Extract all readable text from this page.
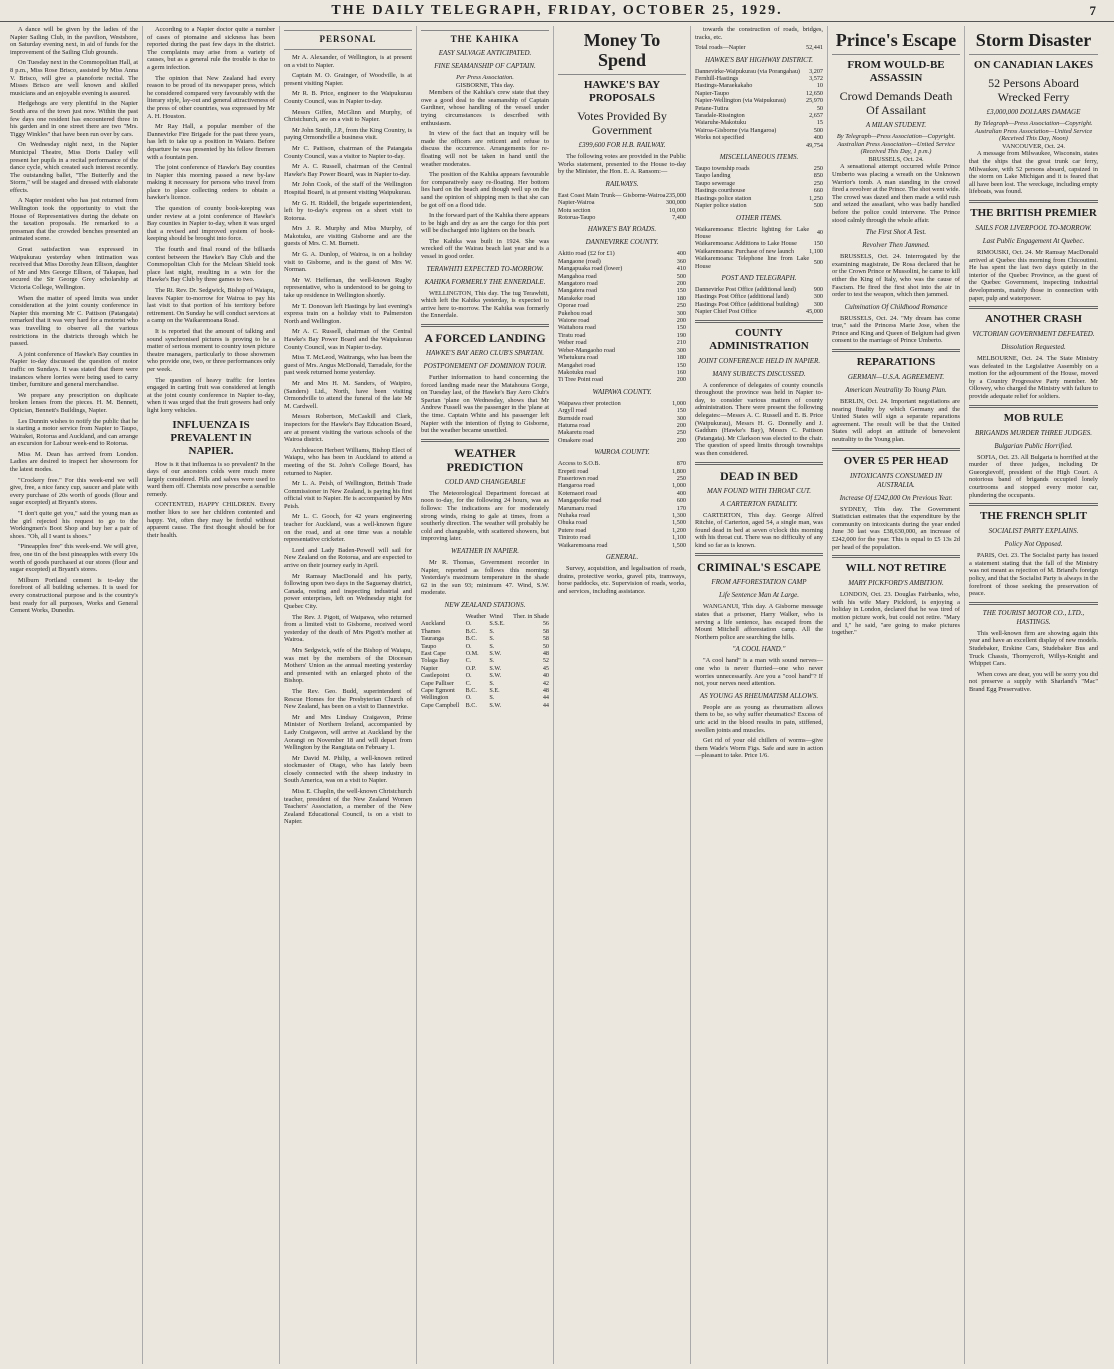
THE DAILY TELEGRAPH, FRIDAY, OCTOBER 25, 1929.	7

A dance will be given by the ladies of the Napier Sailing Club, in the pavilion, Westshore, on Saturday evening next, in aid of funds for the improvement of the Sailing Club grounds.

On Tuesday next in the Commopolitan Hall, at 8 p.m., Miss Rose Brisco, assisted by Miss Anna V. Brisco, will give a pianoforte recital. The Misses Brisco are well known and skilled musicians and an enjoyable evening is assured.

Hedgehogs are very plentiful in the Napier South area of the town just now. Within the past few days one resident has encountered three in his garden and in one street there are two "Mrs. Tiggy Winkles" that have been run over by cars.

On Wednesday night next, in the Napier Municipal Theatre, Miss Doris Dailey will present her pupils in a recital performance of the dance cycle, which created such interest recently. The outstanding ballet, "The Butterfly and the Storm," will be staged and dressed with elaborate effects.

A Napier resident who has just returned from Wellington took the opportunity to visit the House of Representatives during the debate on the taxation proposals. He remarked to a pressman that the crowded benches presented an animated scene.

Great satisfaction was expressed in Waipukurau yesterday when intimation was received that Miss Dorothy Jean Ellison, daughter of Mr and Mrs George Ellison, of Takapau, had secured the Sir George Grey scholarship at Victoria College, Wellington.

When the matter of speed limits was under consideration at the joint county conference in Napier this morning Mr C. Pattison (Patangata) remarked that it was very hard for a motorist who was travelling to observe all the various restrictions in the districts through which he passed.

A joint conference of Hawke's Bay counties in Napier to-day discussed the question of motor traffic on Sundays. It was stated that there were instances where lorries were being used to carry timber, furniture and general merchandise.

We prepare any prescription on duplicate broken lenses from the pieces. H. M. Bennett, Optician, Bennett's Buildings, Napier.

Les Dunnin wishes to notify the public that he is starting a motor service from Napier to Taupo, Wairakei, Rotorua and Auckland, and can arrange an excursion for Labour week-end to Rotorua.

Miss M. Dean has arrived from London. Ladies are desired to inspect her showroom for the latest modes.

"Crockery free." For this week-end we will give, free, a nice fancy cup, saucer and plate with every purchase of 20s worth of goods (flour and sugar excepted) at Bryant's stores.

"I don't quite get you," said the young man as the girl rejected his request to go to the Workingmen's Boot Shop and buy her a pair of shoes. "Oh, all I want is shoes."

"Pineapples free" this week-end. We will give, free, one tin of the best pineapples with every 10s worth of goods purchased at our stores (flour and sugar excepted) at Bryant's stores.

Milburn Portland cement is to-day the forefront of all building schemes. It is used for every constructional purpose and is the country's best ready for all purposes, Works and General Cement Works, Dunedin.

According to a Napier doctor quite a number of cases of ptomaine and sickness has been reported during the past few days in the district. The complaints may arise from a variety of causes, but as a general rule the trouble is due to a germ infection.

The opinion that New Zealand had every reason to be proud of its newspaper press, which he considered compared very favourably with the literary style, lay-out and general attractiveness of the press of other countries, was expressed by Mr A. H. Houston.

Mr Ray Hall, a popular member of the Dannevirke Fire Brigade for the past three years, has left to take up a position in Waiaro. Before departure he was presented by his fellow firemen with a fountain pen.

The joint conference of Hawke's Bay counties in Napier this morning passed a new by-law making it necessary for persons who travel from place to place collecting orders to obtain a hawker's licence.

The question of county book-keeping was under review at a joint conference of Hawke's Bay counties in Napier to-day, when it was urged that a revised and improved system of book-keeping should be brought into force.

The fourth and final round of the billiards contest between the Hawke's Bay Club and the Commopolitan Club for the Mclean Shield took place last night, resulting in a win for the Hawke's Bay Club by three games to two.

The Rt. Rev. Dr. Sedgwick, Bishop of Waiapu, leaves Napier to-morrow for Wairoa to pay his last visit to that portion of his territory before retirement. On Sunday he will conduct services at a camp on the Waikaremoana Road.

It is reported that the amount of talking and sound synchronised pictures is proving to be a matter of serious moment to country town picture theatre managers, particularly to those showmen who provide one, two, or three performances only per week.

The question of heavy traffic for lorries engaged in carting fruit was considered at length at the joint county conference in Napier to-day, when it was urged that the fruit growers had only light lorry vehicles.

INFLUENZA IS PREVALENT IN NAPIER.

How is it that influenza is so prevalent? In the days of our ancestors colds were much more largely considered. Pills and salves were used to ward them off. Chemists now prescribe a sensible remedy.

CONTENTED, HAPPY CHILDREN. Every mother likes to see her children contented and happy. Yet, often they may be fretful without apparent cause. The first thought should be for their health.

PERSONAL

Mr A. Alexander, of Wellington, is at present on a visit to Napier.

Captain M. O. Grainger, of Woodville, is at present visiting Napier.

Mr R. B. Price, engineer to the Waipukurau County Council, was in Napier to-day.

Messrs Giffen, McGlinn and Murphy, of Christchurch, are on a visit to Napier.

Mr John Smith, J.P., from the King Country, is paying Ormondville a business visit.

Mr C. Pattison, chairman of the Patangata County Council, was a visitor to Napier to-day.

Mr A. C. Russell, chairman of the Central Hawke's Bay Power Board, was in Napier to-day.

Mr John Cook, of the staff of the Wellington Hospital Board, is at present visiting Waipukurau.

Mr G. H. Riddell, the brigade superintendent, left by to-day's express on a short visit to Rotorua.

Mrs J. R. Murphy and Miss Murphy, of Makotuku, are visiting Gisborne and are the guests of Mrs. C. M. Burnett.

Mr G. A. Dunlop, of Wairoa, is on a holiday visit to Gisborne, and is the guest of Mrs W. Norman.

Mr W. Heffernan, the well-known Rugby representative, who is understood to be going to take up residence in Wellington shortly.

Mr T. Donovan left Hastings by last evening's express train on a holiday visit to Palmerston North and Wellington.

Mr A. C. Russell, chairman of the Central Hawke's Bay Power Board and the Waipukurau County Council, was in Napier to-day.

Miss T. McLeod, Waitrangs, who has been the guest of Mrs. Angus McDonald, Tarradale, for the past week returned home yesterday.

Mr and Mrs H. M. Sanders, of Waipiro, (Sanders) Ltd., North, have been visiting Ormondville to attend the funeral of the late Mr M. Cardwell.

Messrs Robertson, McCaskill and Clark, inspectors for the Hawke's Bay Education Board, are at present visiting the various schools of the Wairoa district.

Archdeacon Herbert Williams, Bishop Elect of Waiapu, who has been in Auckland to attend a meeting of the St. John's College Board, has returned to Napier.

Mr L. A. Peish, of Wellington, British Trade Commissioner in New Zealand, is paying his first official visit to Napier. He is accompanied by Mrs Peish.

Mr L. C. Gooch, for 42 years engineering teacher for Auckland, was a well-known figure on the road, and at one time was a notable representative cricketer.

Lord and Lady Baden-Powell will sail for New Zealand on the Rotorua, and are expected to arrive on their journey early in April.

Mr Ramsay MacDonald and his party, following upon two days in the Saguenay district, Canada, resting and inspecting industrial and power enterprises, left on Wednesday night for Quebec City.

The Rev. J. Pigott, of Waipawa, who returned from a limited visit to Gisborne, received word yesterday of the death of Mrs Pigott's mother at Wairoa.

Mrs Sedgwick, wife of the Bishop of Waiapu, was met by the members of the Diocesan Mothers' Union as the annual meeting yesterday and presented with an enlarged photo of the Bishop.

The Rev. Geo. Budd, superintendent of Rescue Homes for the Presbyterian Church of New Zealand, has been on a visit to Dannevirke.

Mr and Mrs Lindsay Craigavon, Prime Minister of Northern Ireland, accompanied by Lady Craigavon, will arrive at Auckland by the Aorangi on November 18 and will depart from Wellington by the Rangitata on February 1.

Mr David M. Philip, a well-known retired stockmaster of Otago, who has lately been closely connected with the sheep industry in South America, was on a visit to Napier.

Miss E. Chaplin, the well-known Christchurch teacher, president of the New Zealand Women Teachers' Association, a member of the New Zealand Educational Council, is on a visit to Napier.

THE KAHIKA
EASY SALVAGE ANTICIPATED.
FINE SEAMANSHIP OF CAPTAIN.
Per Press Association.
GISBORNE, This day.

Members of the Kahika's crew state that they owe a good deal to the seamanship of Captain Gardiner, whose handling of the vessel under trying circumstances is described with enthusiasm.

In view of the fact that an inquiry will be made the officers are reticent and refuse to discuss the occurrence. Arrangements for re-floating will not be taken in hand until the weather moderates.

The position of the Kahika appears favourable for comparatively easy re-floating. Her bottom lies hard on the beach and though well up on the sand the opinion of shipping men is that she can be got off on a flood tide.

In the forward part of the Kahika there appears to be high and dry as are the cargo for this port will be discharged into lighters on the beach.

The Kahika was built in 1924. She was wrecked off the Wairau beach last year and is a vessel in good order.

TERAWHITI EXPECTED TO-MORROW.
KAHIKA FORMERLY THE ENNERDALE.

WELLINGTON, This day. The tug Terawhiti, which left the Kahika yesterday, is expected to arrive here to-morrow. The Kahika was formerly the Ennerdale.

A FORCED LANDING
HAWKE'S BAY AERO CLUB'S SPARTAN.
POSTPONEMENT OF DOMINION TOUR.

Further information to hand concerning the forced landing made near the Matahoura Gorge, on Tuesday last, of the Hawke's Bay Aero Club's Spartan 'plane on Wednesday, shows that Mr Andrew Fussell was the passenger in the 'plane at the time. Captain White and his passenger left Napier with the intention of flying to Gisborne, but the weather became unsettled.

WEATHER PREDICTION
COLD AND CHANGEABLE

The Meteorological Department forecast at noon to-day, for the following 24 hours, was as follows: The indications are for moderately strong winds, rising to gale at times, from a southerly direction. The weather will probably be cold and changeable, with scattered showers, but improving later.

WEATHER IN NAPIER.

Mr R. Thomas, Government recorder in Napier, reported as follows this morning: Yesterday's maximum temperature in the shade 62 in the sun 93; minimum 47. Wind, S.W. moderate.

NEW ZEALAND STATIONS.
	Weather	Wind	Ther. in Shade
Auckland	O.	S.S.E.	56
Thames	B.C.	S.	58
Tauranga	B.C.	S.	58
Taupo	O.	S.	50
East Cape	O.M.	S.W.	48
Tolaga Bay	C.	S.	52
Napier	O.P.	S.W.	45
Castlepoint	O.	S.W.	40
Cape Palliser	C.	S.	42
Cape Egmont	B.C.	S.E.	48
Wellington	O.	S.	44
Cape Campbell	B.C.	S.W.	44
Money To Spend
HAWKE'S BAY PROPOSALS
Votes Provided By Government
£399,600 FOR H.B. RAILWAY.

The following votes are provided in the Public Works statement, presented to the House to-day by the Minister, the Hon. E. A. Ransom:—

RAILWAYS.
East Coast Main Trunk— Gisborne-Wairoa	235,000
Napier-Wairoa	300,000
Motu section	10,000
Rotorua-Taupo	7,400
HAWKE'S BAY ROADS.
DANNEVIRKE COUNTY.
Akitio road (£2 for £1)	400
Mangaone (road)	360
Mangapuaka road (lower)	410
Mangahoa road	500
Mangatoro road	200
Mangatera road	150
Marakeke road	180
Oporae road	250
Pukehou road	300
Waione road	200
Waitahora road	150
Tiratu road	190
Weber road	210
Weber-Mangaoho road	300
Whetukura road	180
Mangahei road	150
Makotuku road	160
Ti Tree Point road	200
WAIPAWA COUNTY.
Waipawa river protection	1,000
Argyll road	150
Burnside road	300
Hatuma road	200
Makaretu road	250
Omakere road	200
WAIROA COUNTY.
Access to S.O.B.	870
Erepeti road	1,800
Frasertown road	250
Hangaroa road	1,000
Kotemaori road	400
Mangapoike road	600
Marumaru road	170
Nuhaka road	1,300
Ohuka road	1,500
Putere road	1,200
Tiniroto road	1,100
Waikaremoana road	1,500
GENERAL.

Survey, acquisition, and legalisation of roads, drains, protective works, gravel pits, tramways, horse paddocks, etc. Supervision of roads, works, and services, including assistance.

towards the construction of roads, bridges, tracks, etc.

Total roads—Napier	52,441
HAWKE'S BAY HIGHWAY DISTRICT.
Dannevirke-Waipukurau (via Porangahau)	3,207
Fernhill-Hastings	3,572
Hastings-Maraekakaho	10
Napier-Taupo	12,650
Napier-Wellington (via Waipukurau)	25,970
Petane-Tutira	50
Taradale-Rissington	2,657
Waiaruhe-Makotuku	15
Wairoa-Gisborne (via Hangaroa)	500
Works not specified	400
	49,754
MISCELLANEOUS ITEMS.
Taupo township roads	250
Taupo landing	850
Taupo sewerage	250
Hastings courthouse	660
Hastings police station	1,250
Napier police station	500
OTHER ITEMS.
Waikaremoana: Electric lighting for Lake House	40
Waikaremoana: Additions to Lake House	150
Waikaremoana: Purchase of new launch	1,100
Waikaremoana: Telephone line from Lake House	500
POST AND TELEGRAPH.
Dannevirke Post Office (additional land)	900
Hastings Post Office (additional land)	300
Hastings Post Office (additional building)	300
Napier Chief Post Office	45,000
COUNTY ADMINISTRATION
JOINT CONFERENCE HELD IN NAPIER.
MANY SUBJECTS DISCUSSED.

A conference of delegates of county councils throughout the province was held in Napier to-day, to consider various matters of county administration. There were present the following delegates:—Messrs A. C. Russell and E. B. Price (Waipukurau), Messrs H. G. Donnelly and J. Gaddum (Hawke's Bay), Messrs C. Pattison (Patangata). Mr Clarkson was elected to the chair. The question of speed limits through townships was then considered.

DEAD IN BED
MAN FOUND WITH THROAT CUT.
A CARTERTON FATALITY.

CARTERTON, This day. George Alfred Ritchie, of Carterton, aged 54, a single man, was found dead in bed at seven o'clock this morning with his throat cut. There was no difficulty of any kind so far as is known.

CRIMINAL'S ESCAPE
FROM AFFORESTATION CAMP
Life Sentence Man At Large.

WANGANUI, This day. A Gisborne message states that a prisoner, Harry Walker, who is serving a life sentence, has escaped from the Mount Mitchell afforestation camp. All the Northern police are searching the hills.

"A COOL HAND."

"A cool hand" is a man with sound nerves—one who is never flurried—one who never worries unnecessarily. Are you a "cool hand"? If not, your nerves need attention.

AS YOUNG AS RHEUMATISM ALLOWS.

People are as young as rheumatism allows them to be, so why suffer rheumatics? Excess of uric acid in the blood results in pain, stiffened, swollen joints and muscles.

Get rid of your old chillers of worms—give them Wade's Worm Figs. Safe and sure in action—pleasant to take. Price 1/6.

Prince's Escape
FROM WOULD-BE ASSASSIN
Crowd Demands Death Of Assailant
A MILAN STUDENT.
By Telegraph—Press Association—Copyright. Australian Press Association—United Service (Received This Day, 1 p.m.)
BRUSSELS, Oct. 24.

A sensational attempt occurred while Prince Umberto was placing a wreath on the Unknown Warrior's tomb. A man standing in the crowd fired a revolver at the Prince. The shot went wide. The crowd was dazed and then made a wild rush and seized the assailant, who was badly handled before the police could intervene. The Prince stood calmly through the whole affair.

The First Shot A Test.
Revolver Then Jammed.

BRUSSELS, Oct. 24. Interrogated by the examining magistrate, De Rosa declared that he or the Crown Prince or Mussolini, he came to kill either the King of Italy, who was the cause of Fascism. He fired the first shot into the air in order to test the weapon, which then jammed.

Culmination Of Childhood Romance

BRUSSELS, Oct. 24. "My dream has come true," said the Princess Marie Jose, when the Prince and King and Queen of Belgium had given consent to the marriage of Prince Umberto.

REPARATIONS
GERMAN—U.S.A. AGREEMENT.
American Neutrality To Young Plan.

BERLIN, Oct. 24. Important negotiations are nearing finality by which Germany and the United States will sign a separate reparations agreement. The result will be that the United States will adopt an attitude of benevolent neutrality to the Young plan.

OVER £5 PER HEAD
INTOXICANTS CONSUMED IN AUSTRALIA.
Increase Of £242,000 On Previous Year.

SYDNEY, This day. The Government Statistician estimates that the expenditure by the community on intoxicants during the year ended June 30 last was £38,630,000, an increase of £242,000 for the year. This is equal to £5 13s 2d per head of the population.

WILL NOT RETIRE
MARY PICKFORD'S AMBITION.

LONDON, Oct. 23. Douglas Fairbanks, who, with his wife Mary Pickford, is enjoying a holiday in London, declared that he was tired of motion picture work, but could not retire. "Mary and I," he said, "are going to make pictures together."

Storm Disaster
ON CANADIAN LAKES
52 Persons Aboard Wrecked Ferry
£3,000,000 DOLLARS DAMAGE
By Telegraph—Press Association—Copyright. Australian Press Association—United Service (Received This Day, Noon)
VANCOUVER, Oct. 24.

A message from Milwaukee, Wisconsin, states that the ships that the great trunk car ferry, Milwaukee, with 52 persons aboard, capsized in the storm on Lake Michigan and it is feared that all have been lost. The wreckage, including empty lifeboats, was found.

THE BRITISH PREMIER
SAILS FOR LIVERPOOL TO-MORROW.
Last Public Engagement At Quebec.

RIMOUSKI, Oct. 24. Mr Ramsay MacDonald arrived at Quebec this morning from Chicoutimi. He has spent the last two days quietly in the interior of the Quebec Province, as the guest of the Quebec Government, inspecting industrial developments, mainly those in connection with paper, pulp and waterpower.

ANOTHER CRASH
VICTORIAN GOVERNMENT DEFEATED.
Dissolution Requested.

MELBOURNE, Oct. 24. The State Ministry was defeated in the Legislative Assembly on a motion for the adjournment of the House, moved by a Country Progressive Party member. Mr Ollowey, who charged the Ministry with failure to provide adequate relief for soldiers.

MOB RULE
BRIGANDS MURDER THREE JUDGES.
Bulgarian Public Horrified.

SOFIA, Oct. 23. All Bulgaria is horrified at the murder of three judges, including Dr Gueorgievoff, president of the High Court. A notorious band of brigands occupied lonely courtrooms and stopped every motor car, plundering the occupants.

THE FRENCH SPLIT
SOCIALIST PARTY EXPLAINS.
Policy Not Opposed.

PARIS, Oct. 23. The Socialist party has issued a statement stating that the fall of the Ministry was not meant as rejection of M. Briand's foreign policy, and that the Socialist Party is always in the forefront of those seeking the preservation of peace.

THE TOURIST MOTOR CO., LTD., HASTINGS.

This well-known firm are showing again this year and have an excellent display of new models. Studebaker, Erskine Cars, Studebaker Bus and Truck Chassis, Thornycroft, Willys-Knight and Whippet Cars.

When cows are dear, you will be sorry you did not preserve a supply with Sharland's "Mac" Brand Egg Preservative.
